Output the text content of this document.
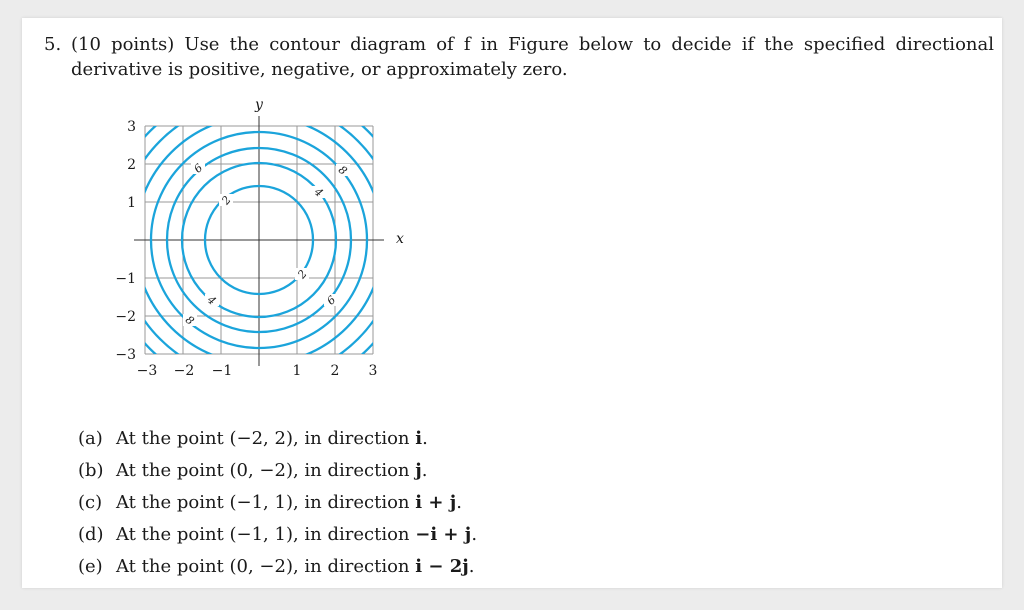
5. (10 points) Use the contour diagram of f in Figure below to decide if the specified directional derivative is positive, negative, or approximately zero.
6
2
4
8
2
6
4
8
y
x
3
2
1
−1
−2
−3
−3 −2 −1	1 2 3
(a) At the point (−2, 2), in direction i.
(b) At the point (0, −2), in direction j.
(c) At the point (−1, 1), in direction i + j.
(d) At the point (−1, 1), in direction −i + j.
(e) At the point (0, −2), in direction i − 2j.
